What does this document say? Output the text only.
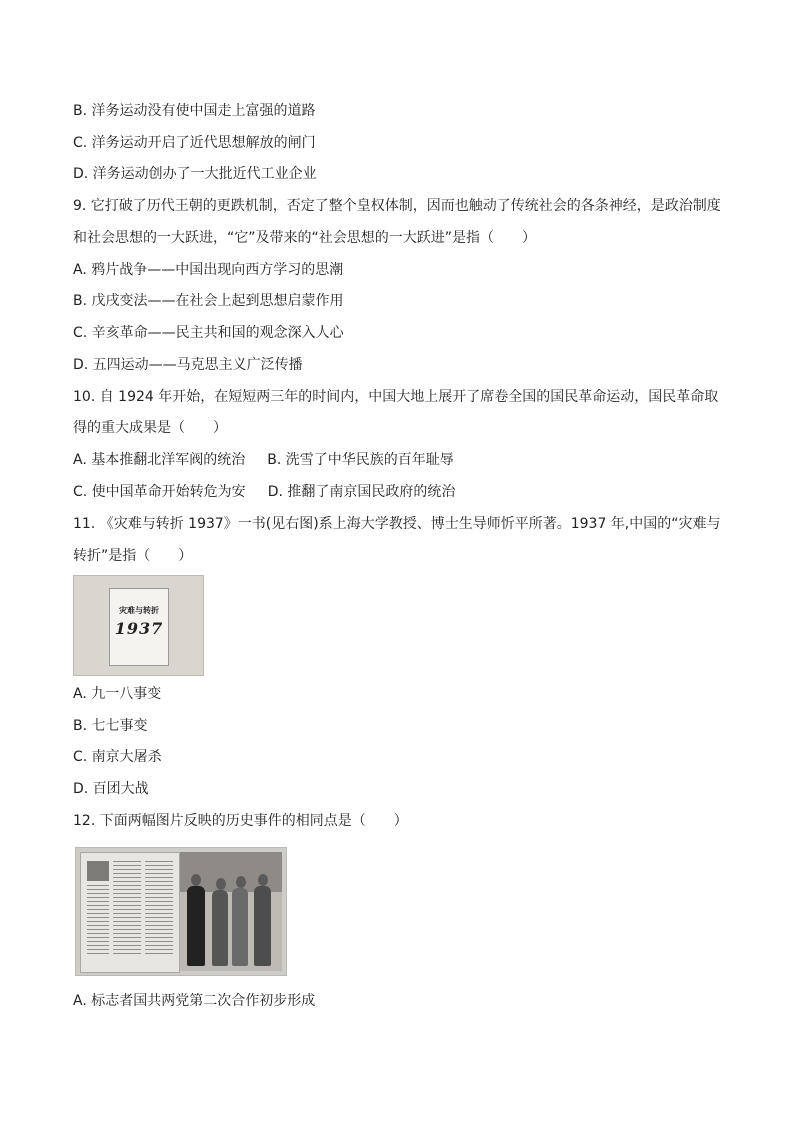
B. 洋务运动没有使中国走上富强的道路
C. 洋务运动开启了近代思想解放的闸门
D. 洋务运动创办了一大批近代工业企业
9. 它打破了历代王朝的更跌机制，否定了整个皇权体制，因而也触动了传统社会的各条神经，是政治制度
和社会思想的一大跃进，“它”及带来的“社会思想的一大跃进”是指（　　）
A. 鸦片战争——中国出现向西方学习的思潮
B. 戊戌变法——在社会上起到思想启蒙作用
C. 辛亥革命——民主共和国的观念深入人心
D. 五四运动——马克思主义广泛传播
10. 自 1924 年开始，在短短两三年的时间内，中国大地上展开了席卷全国的国民革命运动，国民革命取
得的重大成果是（　　）
A. 基本推翻北洋军阀的统治 B. 洗雪了中华民族的百年耻辱
C. 使中国革命开始转危为安 D. 推翻了南京国民政府的统治
11. 《灾难与转折 1937》一书(见右图)系上海大学教授、博士生导师忻平所著。1937 年,中国的“灾难与
转折”是指（　　）
灾难与转折
1937
A. 九一八事变
B. 七七事变
C. 南京大屠杀
D. 百团大战
12. 下面两幅图片反映的历史事件的相同点是（　　）
A. 标志者国共两党第二次合作初步形成
